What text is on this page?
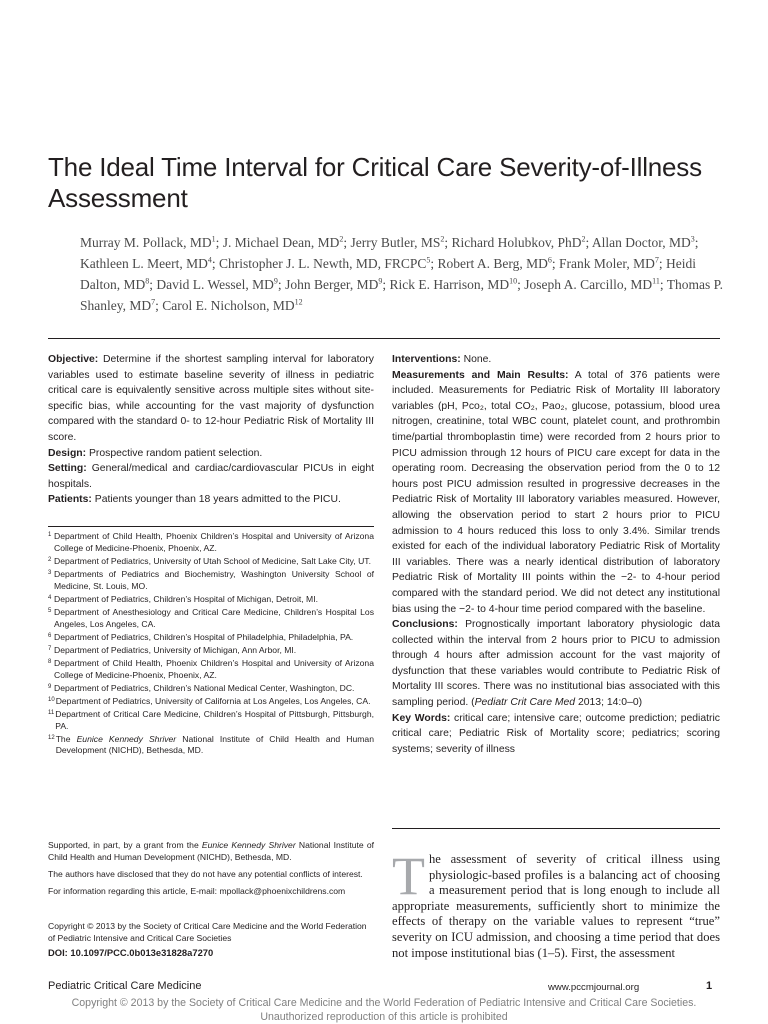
The Ideal Time Interval for Critical Care Severity-of-Illness Assessment
Murray M. Pollack, $MD^1$; J. Michael Dean, $MD^2$; Jerry Butler, $MS^2$; Richard Holubkov, PhD$^2$; Allan Doctor, $MD^3$; Kathleen L. Meert, $MD^4$; Christopher J. L. Newth, MD, FRCPC$^5$; Robert A. Berg, $MD^6$; Frank Moler, $MD^7$; Heidi Dalton, $MD^8$; David L. Wessel, $MD^9$; John Berger, $MD^9$; Rick E. Harrison, MD$^{10}$; Joseph A. Carcillo, MD$^{11}$; Thomas P. Shanley, $MD^7$; Carol E. Nicholson, MD$^{12}$

Objective: Determine if the shortest sampling interval for laboratory variables used to estimate baseline severity of illness in pediatric critical care is equivalently sensitive across multiple sites without site-specific bias, while accounting for the vast majority of dysfunction compared with the standard 0- to 12-hour Pediatric Risk of Mortality III score.

Design: Prospective random patient selection.

Setting: General/medical and cardiac/cardiovascular PICUs in eight hospitals.

Patients: Patients younger than 18 years admitted to the PICU.

Interventions: None.

Measurements and Main Results: A total of 376 patients were included. Measurements for Pediatric Risk of Mortality III laboratory variables (pH, Pco₂, total CO₂, Pao₂, glucose, potassium, blood urea nitrogen, creatinine, total WBC count, platelet count, and prothrombin time/partial thromboplastin time) were recorded from 2 hours prior to PICU admission through 12 hours of PICU care except for data in the operating room. Decreasing the observation period from the 0 to 12 hours post PICU admission resulted in progressive decreases in the Pediatric Risk of Mortality III laboratory variables measured. However, allowing the observation period to start 2 hours prior to PICU admission to 4 hours reduced this loss to only 3.4%. Similar trends existed for each of the individual laboratory Pediatric Risk of Mortality III variables. There was a nearly identical distribution of laboratory Pediatric Risk of Mortality III points within the −2- to 4-hour period compared with the standard period. We did not detect any institutional bias using the −2- to 4-hour time period compared with the baseline.

Conclusions: Prognostically important laboratory physiologic data collected within the interval from 2 hours prior to PICU to admission through 4 hours after admission account for the vast majority of dysfunction that these variables would contribute to Pediatric Risk of Mortality III scores. There was no institutional bias associated with this sampling period. (Pediatr Crit Care Med 2013; 14:0–0)

Key Words: critical care; intensive care; outcome prediction; pediatric critical care; Pediatric Risk of Mortality score; pediatrics; scoring systems; severity of illness

1 Department of Child Health, Phoenix Children’s Hospital and University of Arizona College of Medicine-Phoenix, Phoenix, AZ.
2 Department of Pediatrics, University of Utah School of Medicine, Salt Lake City, UT.
3 Departments of Pediatrics and Biochemistry, Washington University School of Medicine, St. Louis, MO.
4 Department of Pediatrics, Children’s Hospital of Michigan, Detroit, MI.
5 Department of Anesthesiology and Critical Care Medicine, Children’s Hospital Los Angeles, Los Angeles, CA.
6 Department of Pediatrics, Children’s Hospital of Philadelphia, Philadelphia, PA.
7 Department of Pediatrics, University of Michigan, Ann Arbor, MI.
8 Department of Child Health, Phoenix Children’s Hospital and University of Arizona College of Medicine-Phoenix, Phoenix, AZ.
9 Department of Pediatrics, Children’s National Medical Center, Washington, DC.
10 Department of Pediatrics, University of California at Los Angeles, Los Angeles, CA.
11 Department of Critical Care Medicine, Children’s Hospital of Pittsburgh, Pittsburgh, PA.
12 The Eunice Kennedy Shriver National Institute of Child Health and Human Development (NICHD), Bethesda, MD.

Supported, in part, by a grant from the Eunice Kennedy Shriver National Institute of Child Health and Human Development (NICHD), Bethesda, MD.

The authors have disclosed that they do not have any potential conflicts of interest.

For information regarding this article, E-mail: mpollack@phoenixchildrens.com

Copyright © 2013 by the Society of Critical Care Medicine and the World Federation of Pediatric Intensive and Critical Care Societies

DOI: 10.1097/PCC.0b013e31828a7270

The assessment of severity of critical illness using physiologic-based profiles is a balancing act of choosing a measurement period that is long enough to include all appropriate measurements, sufficiently short to minimize the effects of therapy on the variable values to represent “true” severity on ICU admission, and choosing a time period that does not impose institutional bias (1–5). First, the assessment

Pediatric Critical Care Medicine	www.pccmjournal.org	1
Copyright © 2013 by the Society of Critical Care Medicine and the World Federation of Pediatric Intensive and Critical Care Societies.
Unauthorized reproduction of this article is prohibited
